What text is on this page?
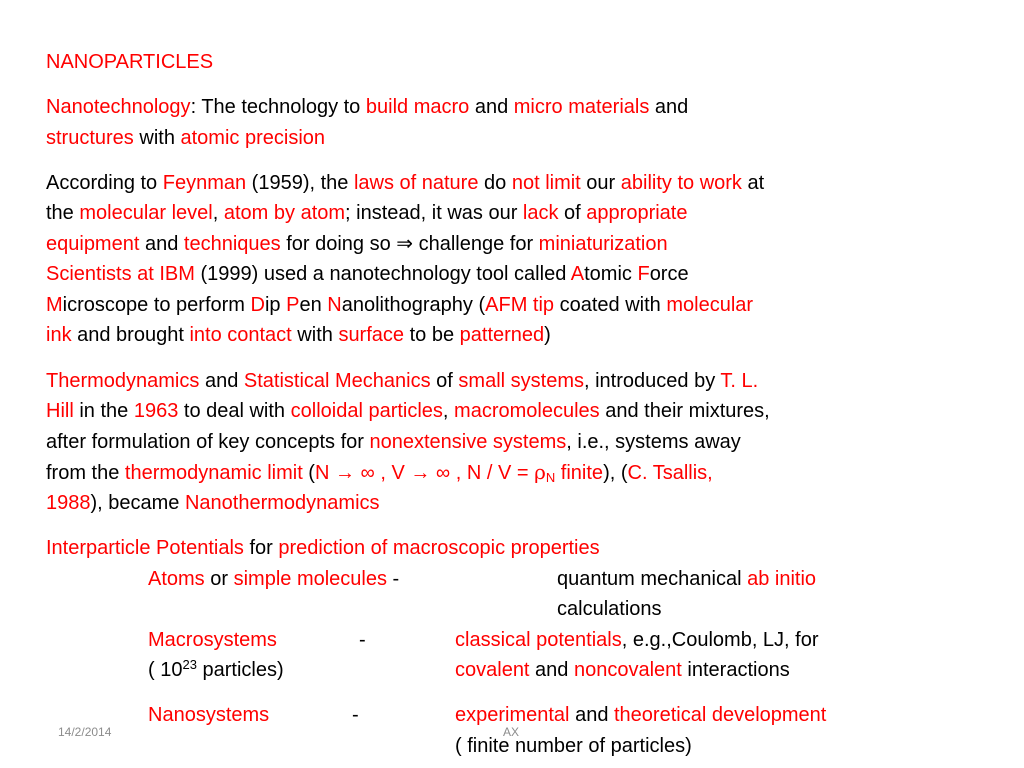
NANOPARTICLES
Nanotechnology: The technology to build macro and micro materials and
structures with atomic precision
According to Feynman (1959), the laws of nature do not limit our ability to work at
the molecular level, atom by atom; instead, it was our lack of appropriate
equipment and techniques for doing so ⇒ challenge for miniaturization
Scientists at IBM (1999) used a nanotechnology tool called Atomic Force
Microscope to perform Dip Pen Nanolithography (AFM tip coated with molecular
ink and brought into contact with surface to be patterned)
Thermodynamics and Statistical Mechanics of small systems, introduced by T. L.
Hill in the 1963 to deal with colloidal particles, macromolecules and their mixtures,
after formulation of key concepts for nonextensive systems, i.e., systems away
from the thermodynamic limit (N → ∞ , V → ∞ , $N / V = \rho_N$ finite), (C. Tsallis,
1988), became Nanothermodynamics
Interparticle Potentials for prediction of macroscopic properties
Atoms or simple molecules -	quantum mechanical ab initio
calculations
Macrosystems	-	classical potentials, e.g.,Coulomb, LJ, for
( $10^{23}$ particles)	covalent and noncovalent interactions
Nanosystems	-	experimental and theoretical development
( finite number of particles)
14/2/2014	AX
